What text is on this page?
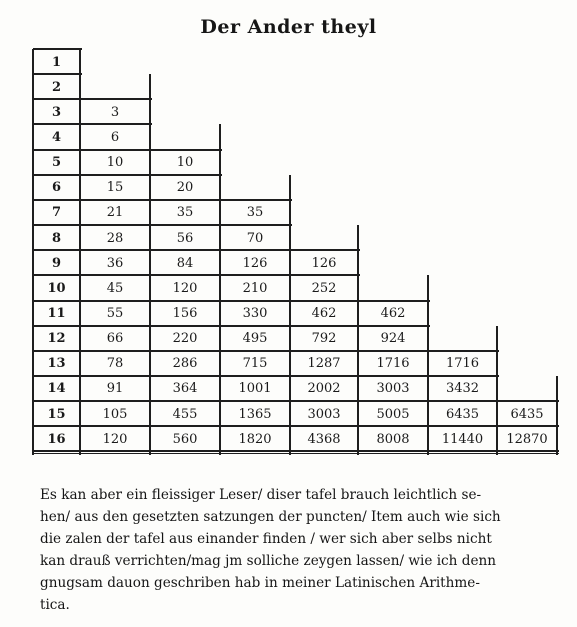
Der Ander theyl
1
2
3	3
4	6
5	10	10
6	15	20
7	21	35	35
8	28	56	70
9	36	84	126	126
10	45	120	210	252
11	55	156	330	462	462
12	66	220	495	792	924
13	78	286	715	1287	1716	1716
14	91	364	1001	2002	3003	3432
15	105	455	1365	3003	5005	6435	6435
16	120	560	1820	4368	8008	11440	12870
Es kan aber ein fleissiger Leser/ diser tafel brauch leichtlich se-
hen/ aus den gesetzten satzungen der puncten/ Item auch wie sich
die zalen der tafel aus einander finden / wer sich aber selbs nicht
kan drauß verrichten/mag jm solliche zeygen lassen/ wie ich denn
gnugsam dauon geschriben hab in meiner Latinischen Arithme-
tica.
